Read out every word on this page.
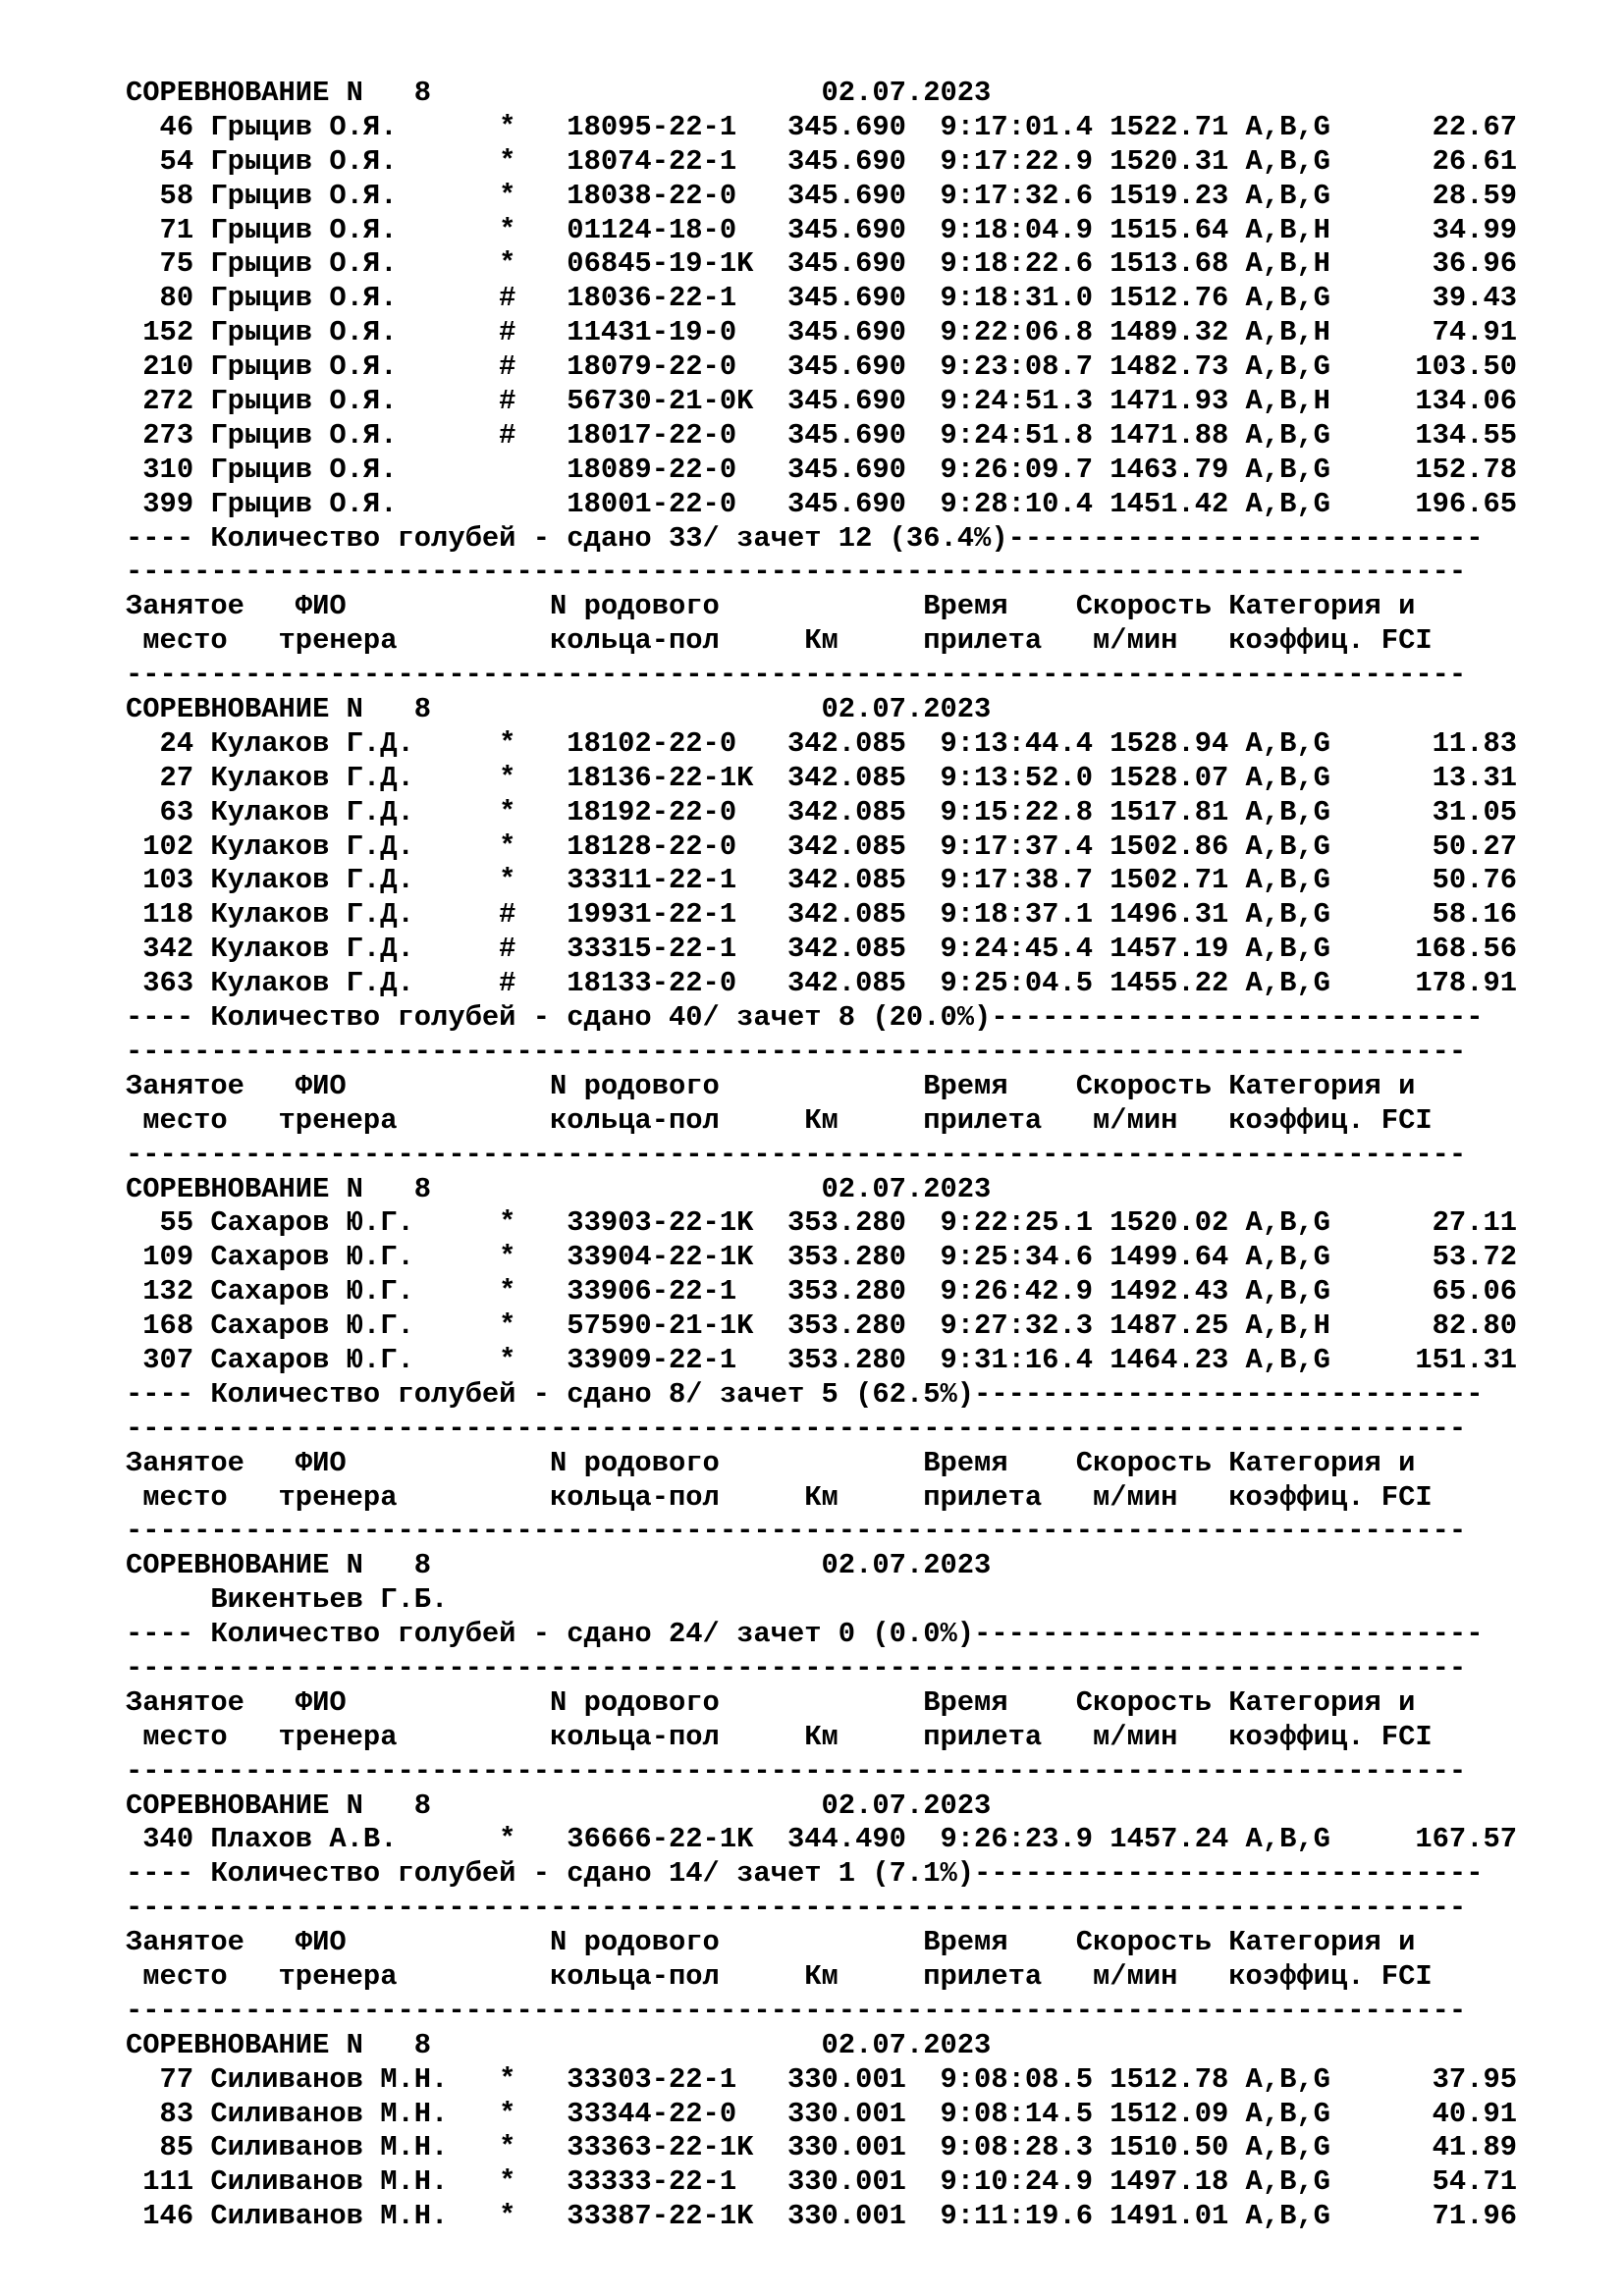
СОРЕВНОВАНИЕ N   8                       02.07.2023
46 Грыцив О.Я.      *   18095-22-1   345.690  9:17:01.4 1522.71 A,B,G      22.67
54 Грыцив О.Я.      *   18074-22-1   345.690  9:17:22.9 1520.31 A,B,G      26.61
58 Грыцив О.Я.      *   18038-22-0   345.690  9:17:32.6 1519.23 A,B,G      28.59
71 Грыцив О.Я.      *   01124-18-0   345.690  9:18:04.9 1515.64 A,B,H      34.99
75 Грыцив О.Я.      *   06845-19-1K  345.690  9:18:22.6 1513.68 A,B,H      36.96
80 Грыцив О.Я.      #   18036-22-1   345.690  9:18:31.0 1512.76 A,B,G      39.43
152 Грыцив О.Я.      #   11431-19-0   345.690  9:22:06.8 1489.32 A,B,H      74.91
210 Грыцив О.Я.      #   18079-22-0   345.690  9:23:08.7 1482.73 A,B,G     103.50
272 Грыцив О.Я.      #   56730-21-0K  345.690  9:24:51.3 1471.93 A,B,H     134.06
273 Грыцив О.Я.      #   18017-22-0   345.690  9:24:51.8 1471.88 A,B,G     134.55
310 Грыцив О.Я.          18089-22-0   345.690  9:26:09.7 1463.79 A,B,G     152.78
399 Грыцив О.Я.          18001-22-0   345.690  9:28:10.4 1451.42 A,B,G     196.65
---- Количество голубей - сдано 33/ зачет 12 (36.4%)----------------------------
-------------------------------------------------------------------------------
Занятое   ФИО            N родового            Время    Скорость Категория и
место   тренера         кольца-пол     Км     прилета   м/мин   коэффиц. FCI
-------------------------------------------------------------------------------
СОРЕВНОВАНИЕ N   8                       02.07.2023
24 Кулаков Г.Д.     *   18102-22-0   342.085  9:13:44.4 1528.94 A,B,G      11.83
27 Кулаков Г.Д.     *   18136-22-1K  342.085  9:13:52.0 1528.07 A,B,G      13.31
63 Кулаков Г.Д.     *   18192-22-0   342.085  9:15:22.8 1517.81 A,B,G      31.05
102 Кулаков Г.Д.     *   18128-22-0   342.085  9:17:37.4 1502.86 A,B,G      50.27
103 Кулаков Г.Д.     *   33311-22-1   342.085  9:17:38.7 1502.71 A,B,G      50.76
118 Кулаков Г.Д.     #   19931-22-1   342.085  9:18:37.1 1496.31 A,B,G      58.16
342 Кулаков Г.Д.     #   33315-22-1   342.085  9:24:45.4 1457.19 A,B,G     168.56
363 Кулаков Г.Д.     #   18133-22-0   342.085  9:25:04.5 1455.22 A,B,G     178.91
---- Количество голубей - сдано 40/ зачет 8 (20.0%)-----------------------------
-------------------------------------------------------------------------------
Занятое   ФИО            N родового            Время    Скорость Категория и
место   тренера         кольца-пол     Км     прилета   м/мин   коэффиц. FCI
-------------------------------------------------------------------------------
СОРЕВНОВАНИЕ N   8                       02.07.2023
55 Сахаров Ю.Г.     *   33903-22-1K  353.280  9:22:25.1 1520.02 A,B,G      27.11
109 Сахаров Ю.Г.     *   33904-22-1K  353.280  9:25:34.6 1499.64 A,B,G      53.72
132 Сахаров Ю.Г.     *   33906-22-1   353.280  9:26:42.9 1492.43 A,B,G      65.06
168 Сахаров Ю.Г.     *   57590-21-1K  353.280  9:27:32.3 1487.25 A,B,H      82.80
307 Сахаров Ю.Г.     *   33909-22-1   353.280  9:31:16.4 1464.23 A,B,G     151.31
---- Количество голубей - сдано 8/ зачет 5 (62.5%)------------------------------
-------------------------------------------------------------------------------
Занятое   ФИО            N родового            Время    Скорость Категория и
место   тренера         кольца-пол     Км     прилета   м/мин   коэффиц. FCI
-------------------------------------------------------------------------------
СОРЕВНОВАНИЕ N   8                       02.07.2023
Викентьев Г.Б.
---- Количество голубей - сдано 24/ зачет 0 (0.0%)------------------------------
-------------------------------------------------------------------------------
Занятое   ФИО            N родового            Время    Скорость Категория и
место   тренера         кольца-пол     Км     прилета   м/мин   коэффиц. FCI
-------------------------------------------------------------------------------
СОРЕВНОВАНИЕ N   8                       02.07.2023
340 Плахов А.В.      *   36666-22-1K  344.490  9:26:23.9 1457.24 A,B,G     167.57
---- Количество голубей - сдано 14/ зачет 1 (7.1%)------------------------------
-------------------------------------------------------------------------------
Занятое   ФИО            N родового            Время    Скорость Категория и
место   тренера         кольца-пол     Км     прилета   м/мин   коэффиц. FCI
-------------------------------------------------------------------------------
СОРЕВНОВАНИЕ N   8                       02.07.2023
77 Силиванов М.Н.   *   33303-22-1   330.001  9:08:08.5 1512.78 A,B,G      37.95
83 Силиванов М.Н.   *   33344-22-0   330.001  9:08:14.5 1512.09 A,B,G      40.91
85 Силиванов М.Н.   *   33363-22-1K  330.001  9:08:28.3 1510.50 A,B,G      41.89
111 Силиванов М.Н.   *   33333-22-1   330.001  9:10:24.9 1497.18 A,B,G      54.71
146 Силиванов М.Н.   *   33387-22-1K  330.001  9:11:19.6 1491.01 A,B,G      71.96
